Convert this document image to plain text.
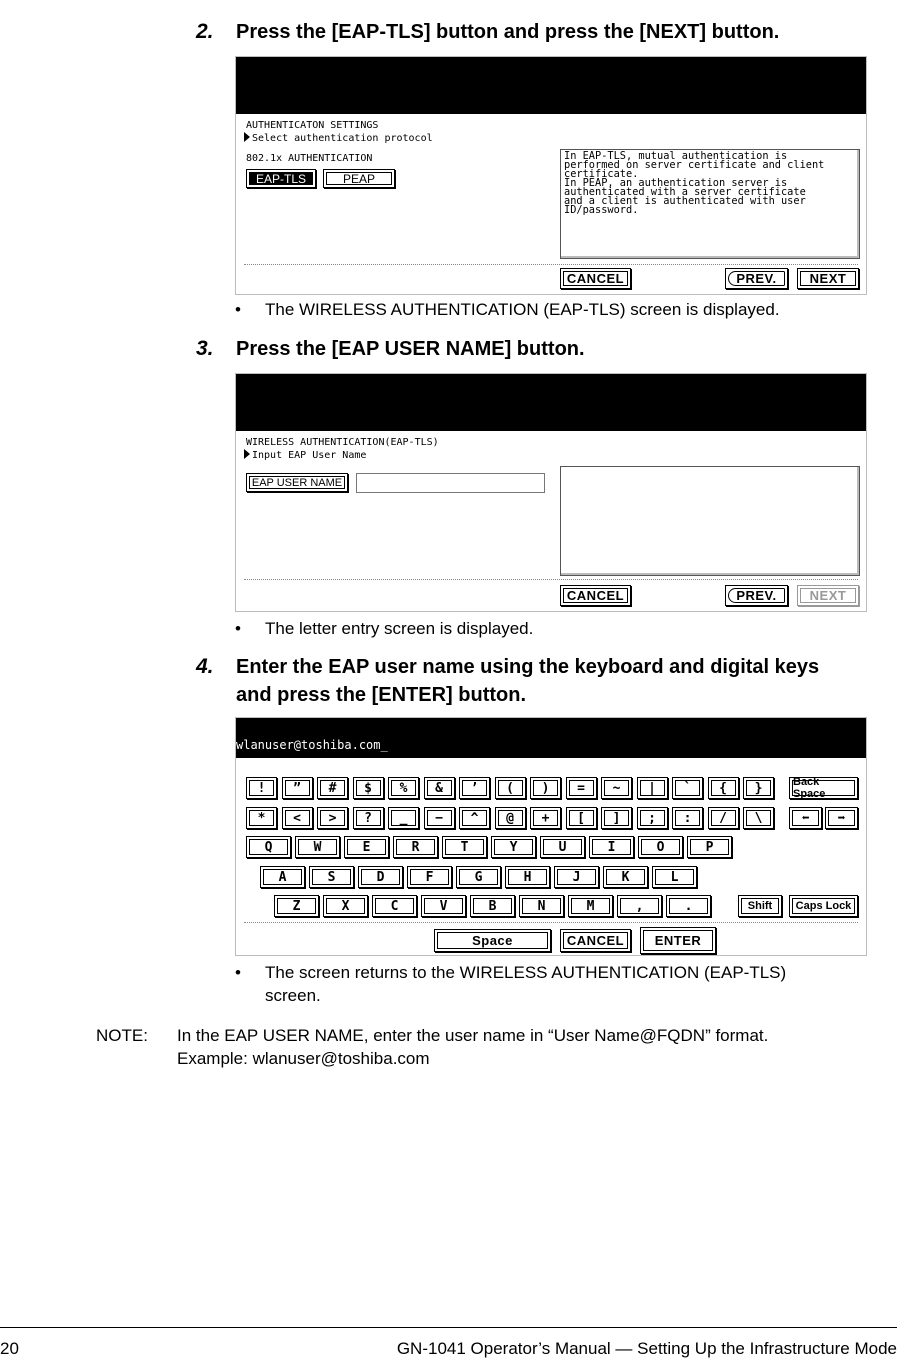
2. Press the [EAP-TLS] button and press the [NEXT] button.
AUTHENTICATON SETTINGS
Select authentication protocol
802.1x AUTHENTICATION
EAP-TLS	PEAP
In EAP-TLS, mutual authentication is
performed on server certificate and client
certificate.
In PEAP, an authentication server is
authenticated with a server certificate
and a client is authenticated with user
ID/password.
CANCEL	PREV.	NEXT
• The WIRELESS AUTHENTICATION (EAP-TLS) screen is displayed.
3. Press the [EAP USER NAME] button.
WIRELESS AUTHENTICATION(EAP-TLS)
Input EAP User Name
EAP USER NAME
CANCEL	PREV.	NEXT
• The letter entry screen is displayed.
4. Enter the EAP user name using the keyboard and digital keys
and press the [ENTER] button.
wlanuser@toshiba.com_
!	”	#	$	%	&	’	(	)	=	~	|	`	{	}	Back Space
*	<	>	?	_	−	^	@	+	[	]	;	:	/	\	⬅	➡
Q	W	E	R	T	Y	U	I	O	P
A	S	D	F	G	H	J	K	L
Z	X	C	V	B	N	M	,	.	Shift	Caps Lock
Space	CANCEL	ENTER
• The screen returns to the WIRELESS AUTHENTICATION (EAP-TLS)
screen.
NOTE: In the EAP USER NAME, enter the user name in “User Name@FQDN” format.
Example: wlanuser@toshiba.com
20	GN-1041 Operator’s Manual — Setting Up the Infrastructure Mode
